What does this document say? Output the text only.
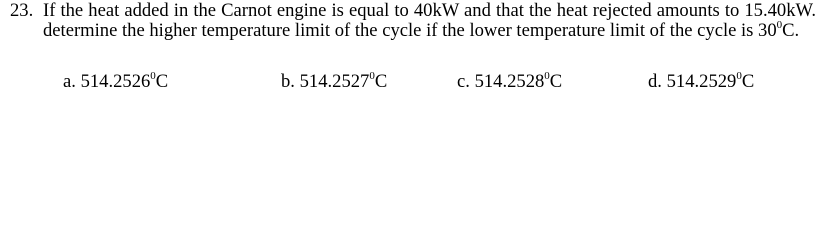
23. If the heat added in the Carnot engine is equal to 40kW and that the heat rejected amounts to 15.40kW. determine the higher temperature limit of the cycle if the lower temperature limit of the cycle is $30^0C$.
a. 514.2526$^0$C	b. 514.2527$^0$C	c. 514.2528$^0$C	d. 514.2529$^0$C
